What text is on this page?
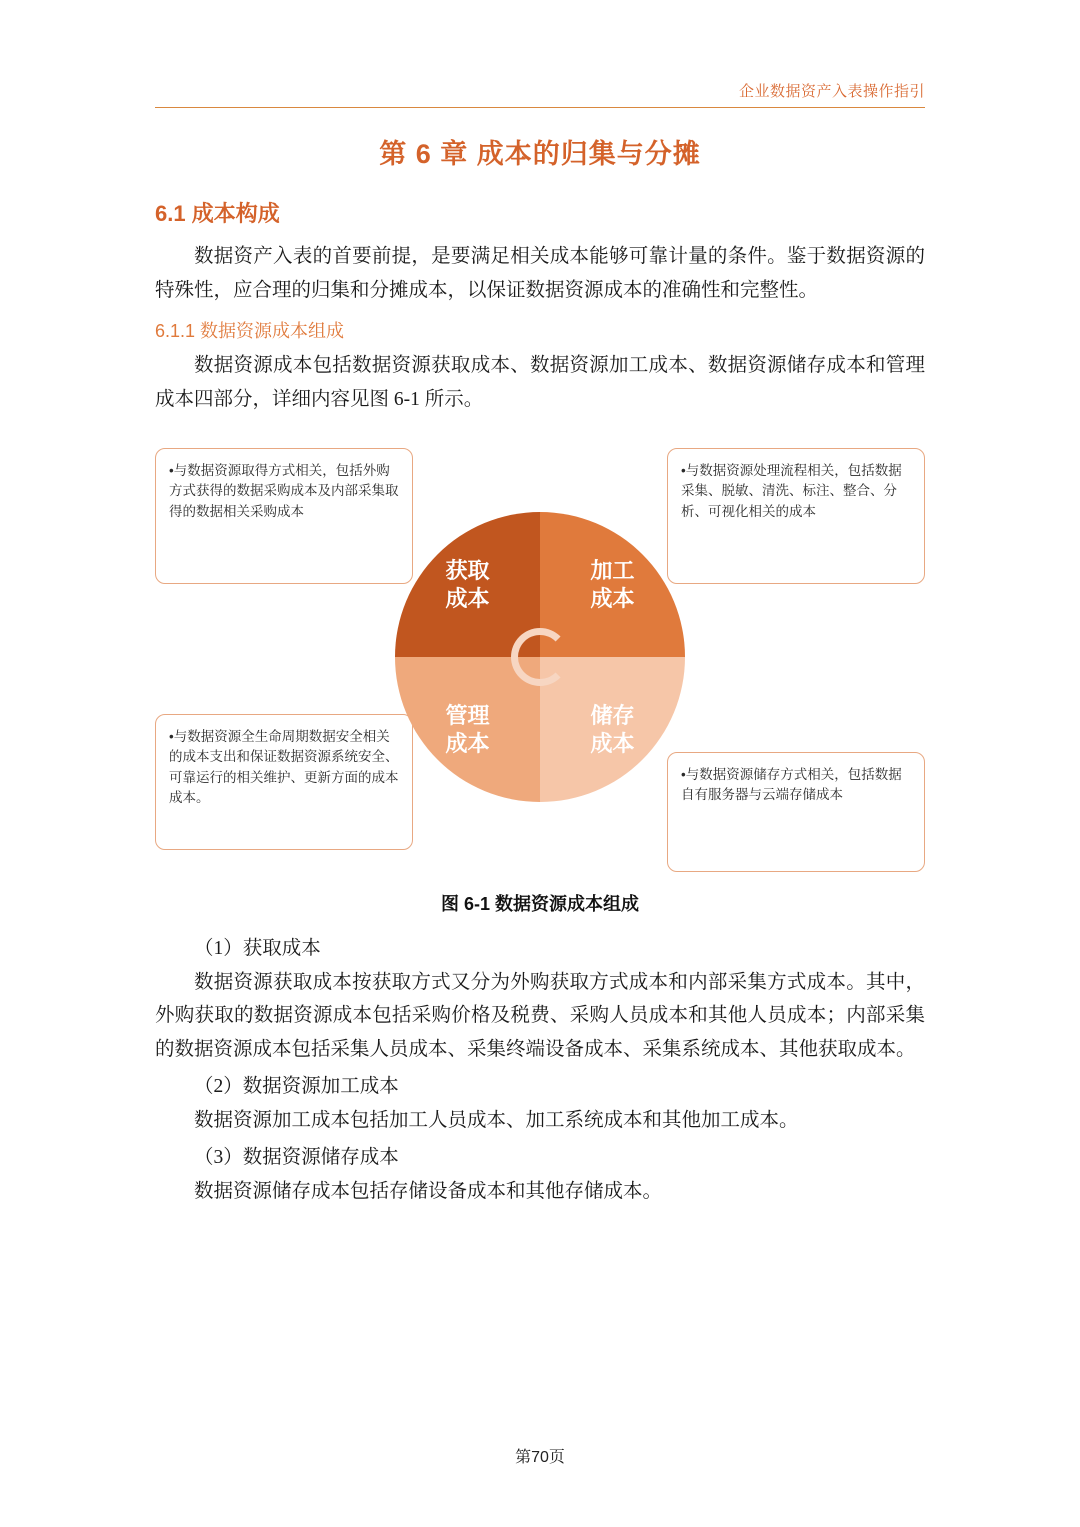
企业数据资产入表操作指引
第 6 章 成本的归集与分摊
6.1 成本构成

数据资产入表的首要前提，是要满足相关成本能够可靠计量的条件。鉴于数据资源的特殊性，应合理的归集和分摊成本，以保证数据资源成本的准确性和完整性。

6.1.1 数据资源成本组成

数据资源成本包括数据资源获取成本、数据资源加工成本、数据资源储存成本和管理成本四部分，详细内容见图 6-1 所示。

•与数据资源取得方式相关，包括外购方式获得的数据采购成本及内部采集取得的数据相关采购成本
•与数据资源处理流程相关，包括数据采集、脱敏、清洗、标注、整合、分析、可视化相关的成本
•与数据资源全生命周期数据安全相关的成本支出和保证数据资源系统安全、可靠运行的相关维护、更新方面的成本成本。
•与数据资源储存方式相关，包括数据自有服务器与云端存储成本
获取
成本
加工
成本
管理
成本
储存
成本
图 6-1 数据资源成本组成

（1）获取成本

数据资源获取成本按获取方式又分为外购获取方式成本和内部采集方式成本。其中，外购获取的数据资源成本包括采购价格及税费、采购人员成本和其他人员成本；内部采集的数据资源成本包括采集人员成本、采集终端设备成本、采集系统成本、其他获取成本。

（2）数据资源加工成本

数据资源加工成本包括加工人员成本、加工系统成本和其他加工成本。

（3）数据资源储存成本

数据资源储存成本包括存储设备成本和其他存储成本。

第70页
